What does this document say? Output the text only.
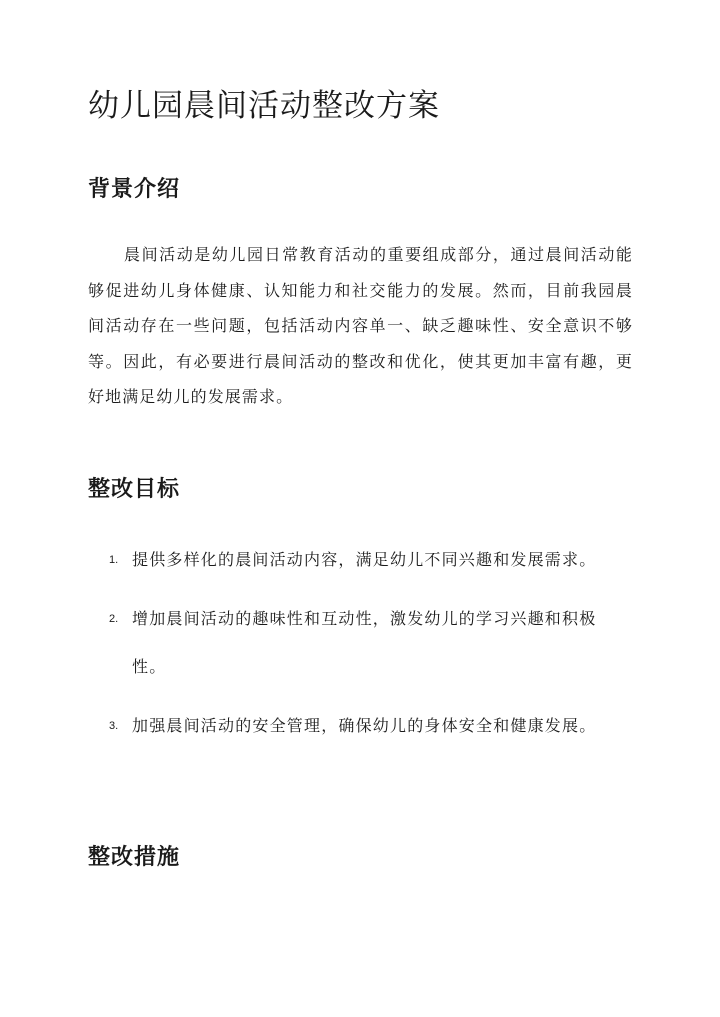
幼儿园晨间活动整改方案
背景介绍

晨间活动是幼儿园日常教育活动的重要组成部分，通过晨间活动能够促进幼儿身体健康、认知能力和社交能力的发展。然而，目前我园晨间活动存在一些问题，包括活动内容单一、缺乏趣味性、安全意识不够等。因此，有必要进行晨间活动的整改和优化，使其更加丰富有趣，更好地满足幼儿的发展需求。

整改目标
1. 提供多样化的晨间活动内容，满足幼儿不同兴趣和发展需求。
2. 增加晨间活动的趣味性和互动性，激发幼儿的学习兴趣和积极性。
3. 加强晨间活动的安全管理，确保幼儿的身体安全和健康发展。
整改措施
